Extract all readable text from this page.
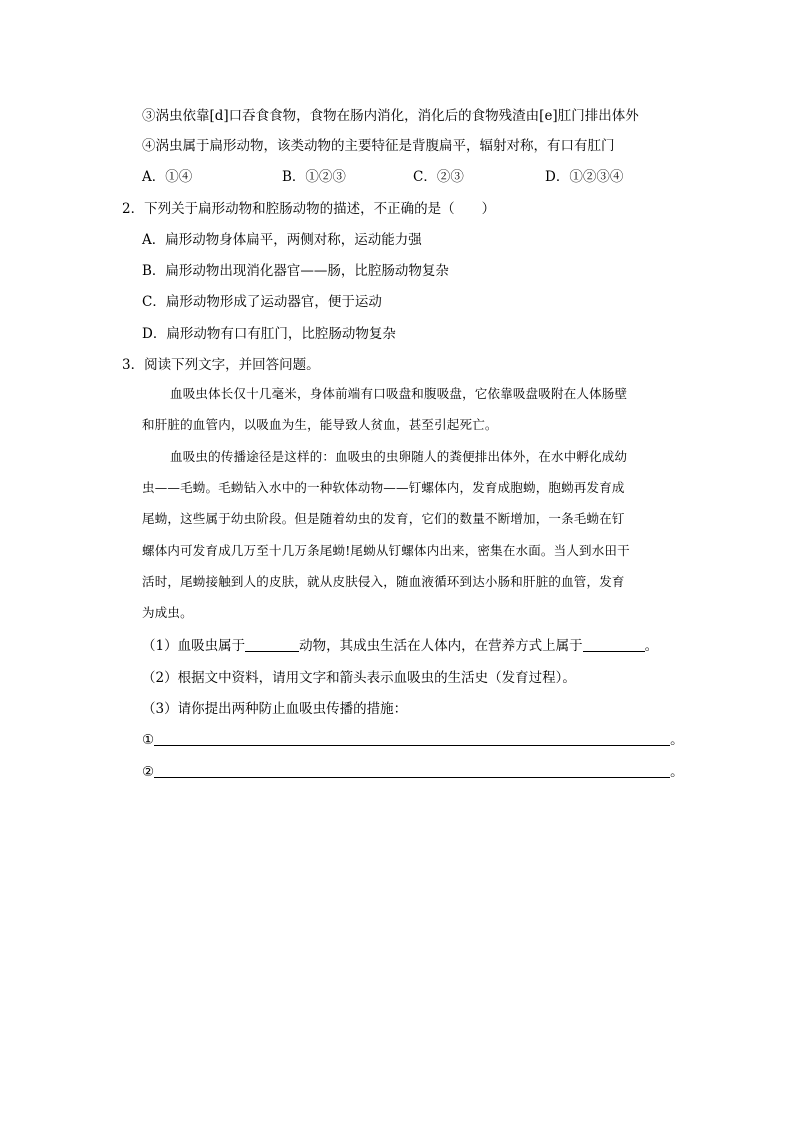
③涡虫依靠[d]口吞食食物，食物在肠内消化，消化后的食物残渣由[e]肛门排出体外
④涡虫属于扁形动物，该类动物的主要特征是背腹扁平，辐射对称，有口有肛门
A．①④	B．①②③	C．②③	D．①②③④
2．下列关于扁形动物和腔肠动物的描述，不正确的是（　　）
A．扁形动物身体扁平，两侧对称，运动能力强
B．扁形动物出现消化器官——肠，比腔肠动物复杂
C．扁形动物形成了运动器官，便于运动
D．扁形动物有口有肛门，比腔肠动物复杂
3．阅读下列文字，并回答问题。
血吸虫体长仅十几毫米，身体前端有口吸盘和腹吸盘，它依靠吸盘吸附在人体肠壁
和肝脏的血管内，以吸血为生，能导致人贫血，甚至引起死亡。
血吸虫的传播途径是这样的：血吸虫的虫卵随人的粪便排出体外，在水中孵化成幼
虫——毛蚴。毛蚴钻入水中的一种软体动物——钉螺体内，发育成胞蚴，胞蚴再发育成
尾蚴，这些属于幼虫阶段。但是随着幼虫的发育，它们的数量不断增加，一条毛蚴在钉
螺体内可发育成几万至十几万条尾蚴!尾蚴从钉螺体内出来，密集在水面。当人到水田干
活时，尾蚴接触到人的皮肤，就从皮肤侵入，随血液循环到达小肠和肝脏的血管，发育
为成虫。
（1）血吸虫属于	动物，其成虫生活在人体内，在营养方式上属于	。
（2）根据文中资料，请用文字和箭头表示血吸虫的生活史（发育过程）。
（3）请你提出两种防止血吸虫传播的措施：
①	。
②	。
